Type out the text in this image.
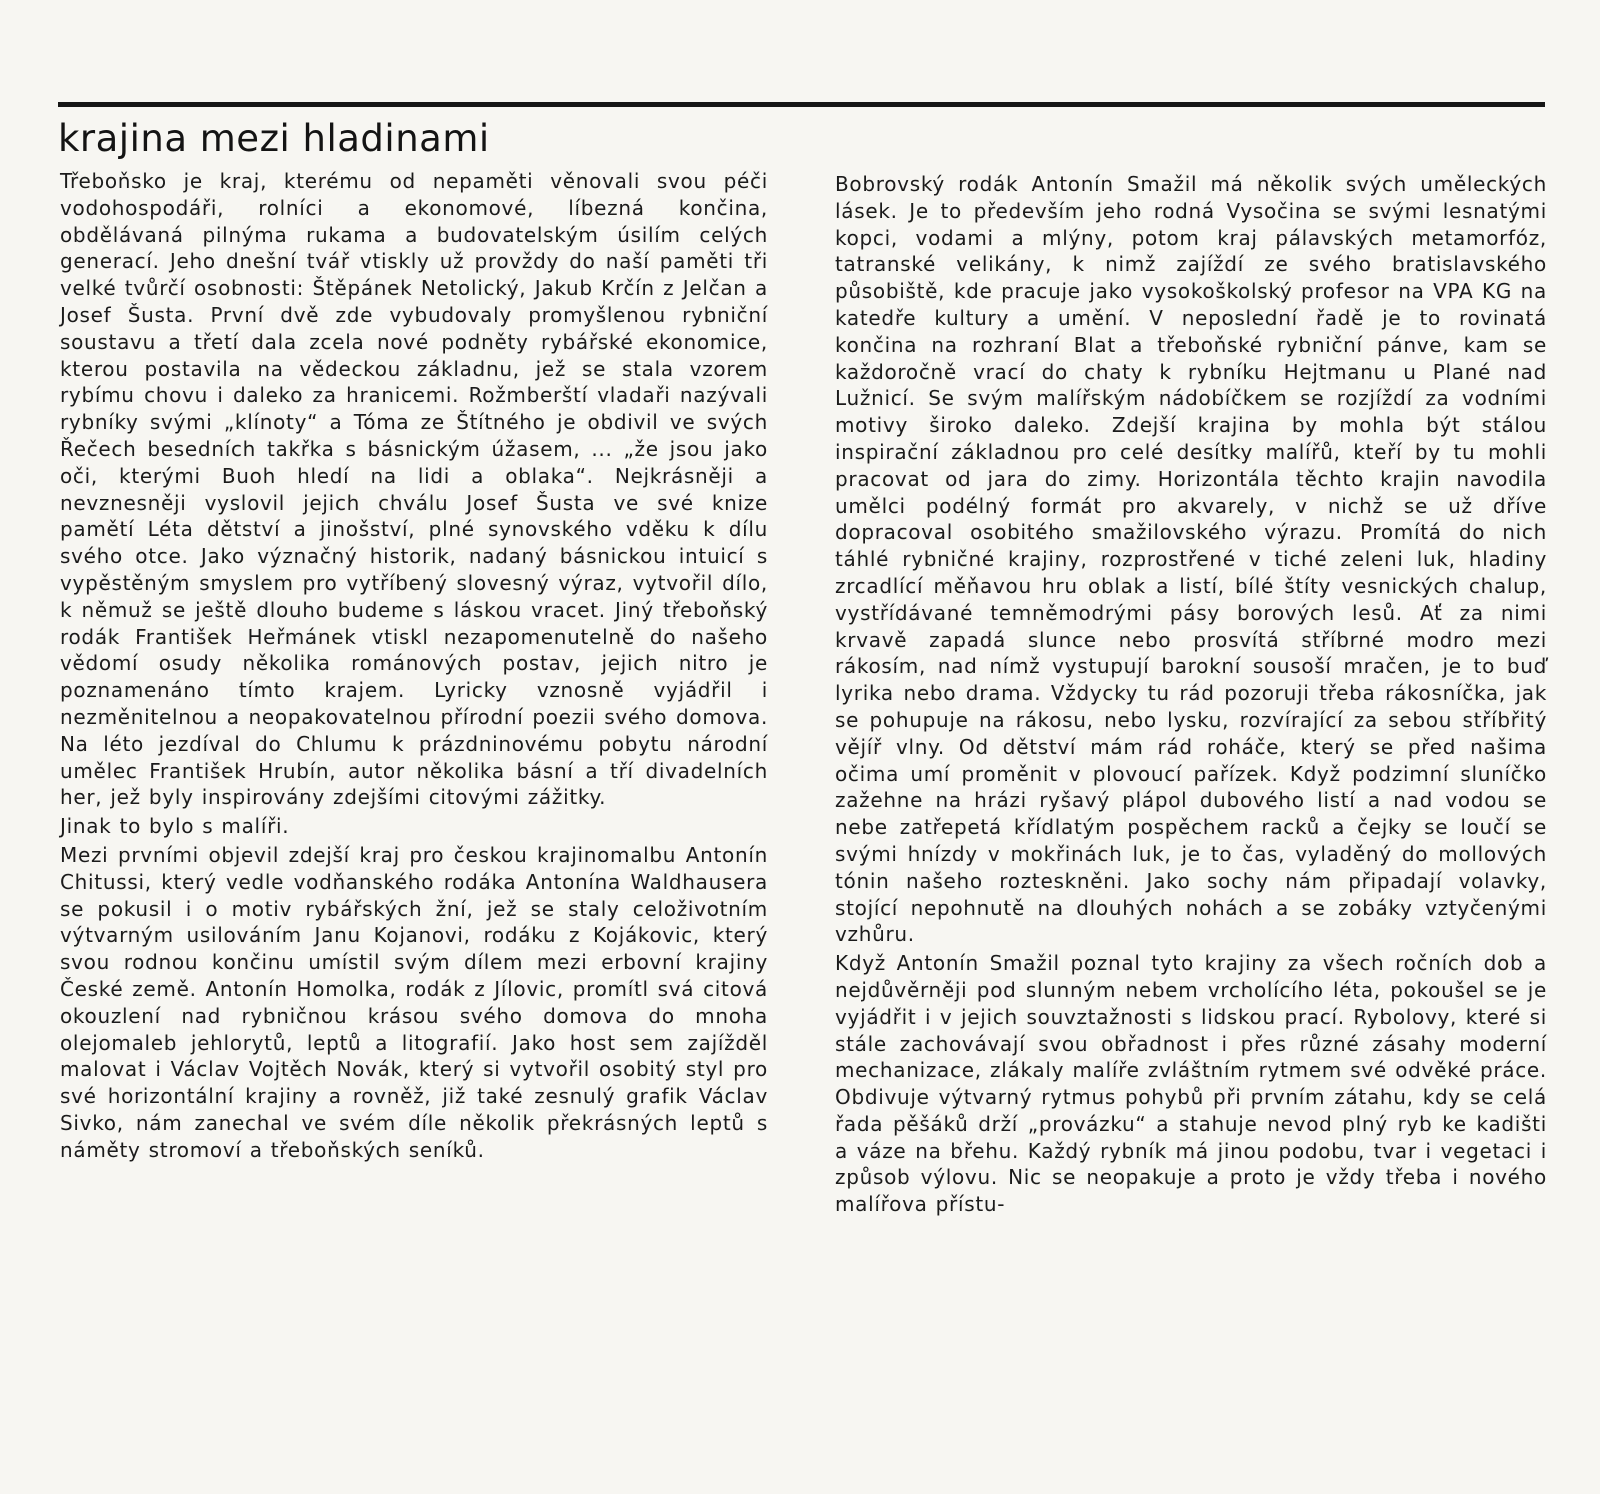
krajina mezi hladinami

Třeboňsko je kraj, kterému od nepaměti věnovali svou péči vodohospodáři, rolníci a ekonomové, líbezná končina, obdělávaná pilnýma rukama a budovatelským úsilím celých generací. Jeho dnešní tvář vtiskly už provždy do naší paměti tři velké tvůrčí osobnosti: Štěpánek Netolický, Jakub Krčín z Jelčan a Josef Šusta. První dvě zde vybudovaly promyšlenou rybniční soustavu a třetí dala zcela nové podněty rybářské ekonomice, kterou postavila na vědeckou základnu, jež se stala vzorem rybímu chovu i daleko za hranicemi. Rožmberští vladaři nazývali rybníky svými „klínoty“ a Tóma ze Štítného je obdivil ve svých Řečech besedních takřka s básnickým úžasem, ... „že jsou jako oči, kterými Buoh hledí na lidi a oblaka“. Nejkrásněji a nevznesněji vyslovil jejich chválu Josef Šusta ve své knize pamětí Léta dětství a jinošství, plné synovského vděku k dílu svého otce. Jako význačný historik, nadaný básnickou intuicí s vypěstěným smyslem pro vytříbený slovesný výraz, vytvořil dílo, k němuž se ještě dlouho budeme s láskou vracet. Jiný třeboňský rodák František Heřmánek vtiskl nezapomenutelně do našeho vědomí osudy několika románových postav, jejich nitro je poznamenáno tímto krajem. Lyricky vznosně vyjádřil i nezměnitelnou a neopakovatelnou přírodní poezii svého domova. Na léto jezdíval do Chlumu k prázdninovému pobytu národní umělec František Hrubín, autor několika básní a tří divadelních her, jež byly inspirovány zdejšími citovými zážitky.

Jinak to bylo s malíři.

Mezi prvními objevil zdejší kraj pro českou krajinomalbu Antonín Chitussi, který vedle vodňanského rodáka Antonína Waldhausera se pokusil i o motiv rybářských žní, jež se staly celoživotním výtvarným usilováním Janu Kojanovi, rodáku z Kojákovic, který svou rodnou končinu umístil svým dílem mezi erbovní krajiny České země. Antonín Homolka, rodák z Jílovic, promítl svá citová okouzlení nad rybničnou krásou svého domova do mnoha olejomaleb jehlorytů, leptů a litografií. Jako host sem zajížděl malovat i Václav Vojtěch Novák, který si vytvořil osobitý styl pro své horizontální krajiny a rovněž, již také zesnulý grafik Václav Sivko, nám zanechal ve svém díle několik překrásných leptů s náměty stromoví a třeboňských seníků.

Bobrovský rodák Antonín Smažil má několik svých uměleckých lásek. Je to především jeho rodná Vysočina se svými lesnatými kopci, vodami a mlýny, potom kraj pálavských metamorfóz, tatranské velikány, k nimž zajíždí ze svého bratislavského působiště, kde pracuje jako vysokoškolský profesor na VPA KG na katedře kultury a umění. V neposlední řadě je to rovinatá končina na rozhraní Blat a třeboňské rybniční pánve, kam se každoročně vrací do chaty k rybníku Hejtmanu u Plané nad Lužnicí. Se svým malířským nádobíčkem se rozjíždí za vodními motivy široko daleko. Zdejší krajina by mohla být stálou inspirační základnou pro celé desítky malířů, kteří by tu mohli pracovat od jara do zimy. Horizontála těchto krajin navodila umělci podélný formát pro akvarely, v nichž se už dříve dopracoval osobitého smažilovského výrazu. Promítá do nich táhlé rybničné krajiny, rozprostřené v tiché zeleni luk, hladiny zrcadlící měňavou hru oblak a listí, bílé štíty vesnických chalup, vystřídávané temněmodrými pásy borových lesů. Ať za nimi krvavě zapadá slunce nebo prosvítá stříbrné modro mezi rákosím, nad nímž vystupují barokní sousoší mračen, je to buď lyrika nebo drama. Vždycky tu rád pozoruji třeba rákosníčka, jak se pohupuje na rákosu, nebo lysku, rozvírající za sebou stříbřitý vějíř vlny. Od dětství mám rád roháče, který se před našima očima umí proměnit v plovoucí pařízek. Když podzimní sluníčko zažehne na hrázi ryšavý plápol dubového listí a nad vodou se nebe zatřepetá křídlatým pospěchem racků a čejky se loučí se svými hnízdy v mokřinách luk, je to čas, vyladěný do mollových tónin našeho rozteskněni. Jako sochy nám připadají volavky, stojící nepohnutě na dlouhých nohách a se zobáky vztyčenými vzhůru.

Když Antonín Smažil poznal tyto krajiny za všech ročních dob a nejdůvěrněji pod slunným nebem vrcholícího léta, pokoušel se je vyjádřit i v jejich souvztažnosti s lidskou prací. Rybolovy, které si stále zachovávají svou obřadnost i přes různé zásahy moderní mechanizace, zlákaly malíře zvláštním rytmem své odvěké práce. Obdivuje výtvarný rytmus pohybů při prvním zátahu, kdy se celá řada pěšáků drží „provázku“ a stahuje nevod plný ryb ke kadišti a váze na břehu. Každý rybník má jinou podobu, tvar i vegetaci i způsob výlovu. Nic se neopakuje a proto je vždy třeba i nového malířova přístu-
